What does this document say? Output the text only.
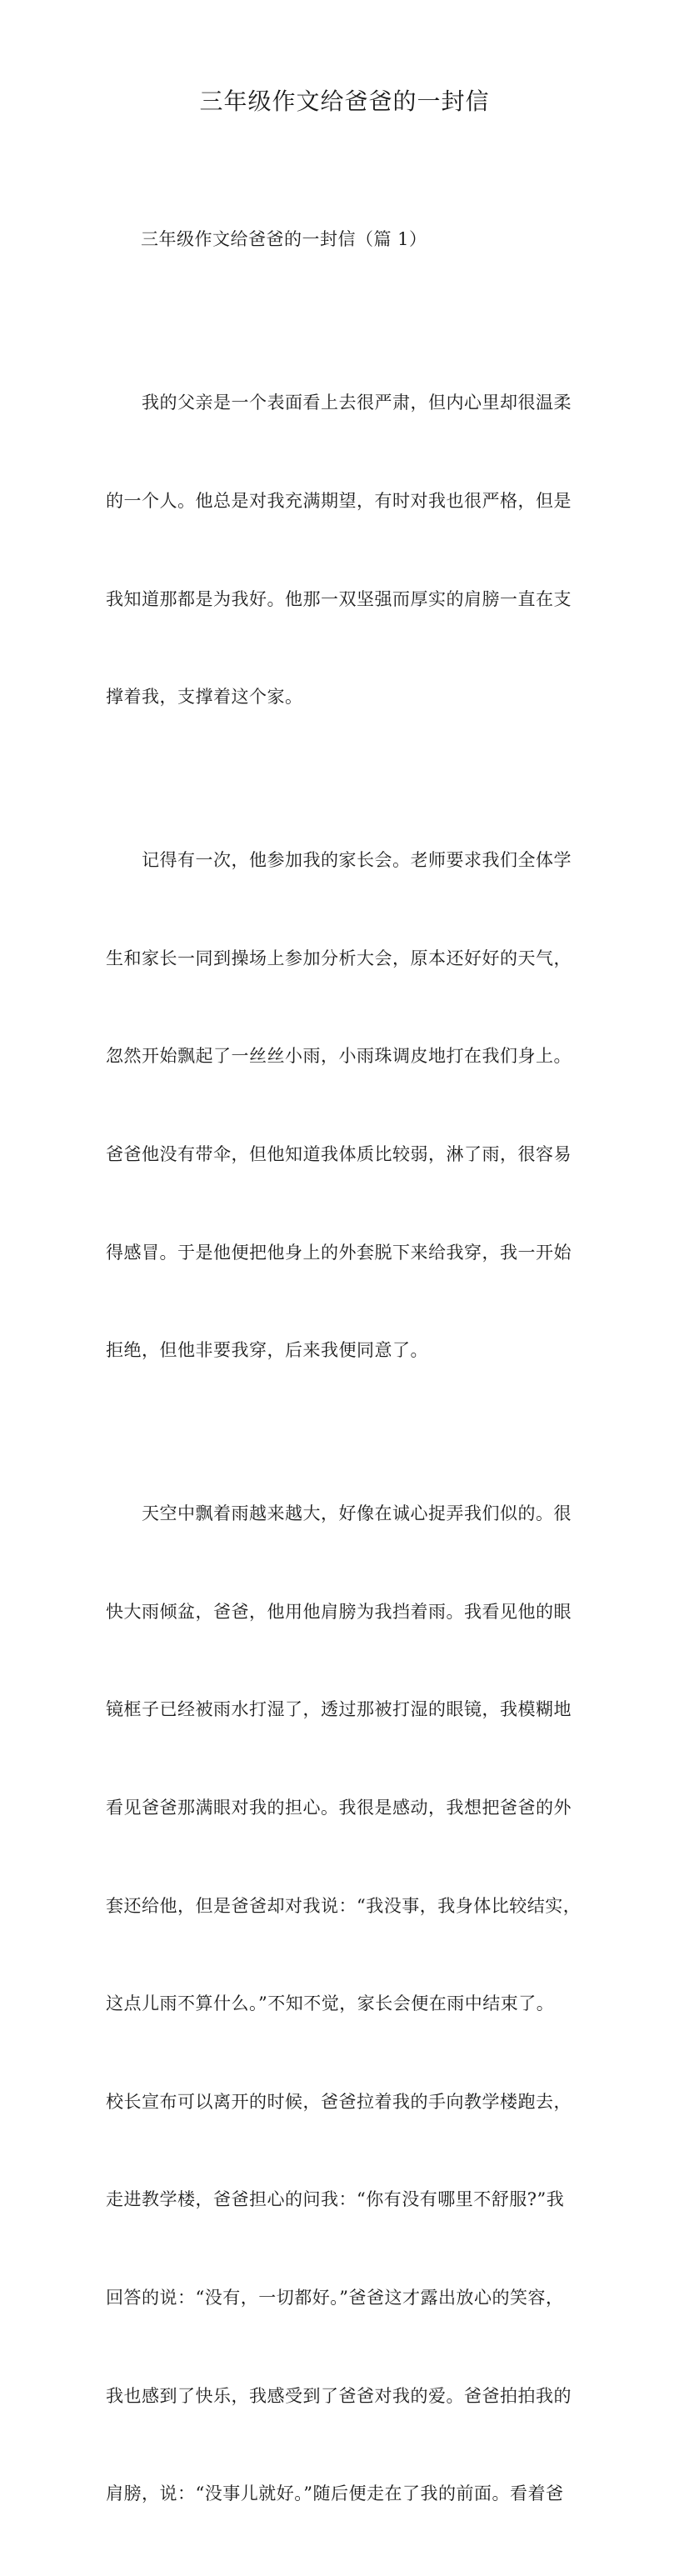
三年级作文给爸爸的一封信

三年级作文给爸爸的一封信（篇 1）

　　我的父亲是一个表面看上去很严肃，但内心里却很温柔

的一个人。他总是对我充满期望，有时对我也很严格，但是

我知道那都是为我好。他那一双坚强而厚实的肩膀一直在支

撑着我，支撑着这个家。

　　记得有一次，他参加我的家长会。老师要求我们全体学

生和家长一同到操场上参加分析大会，原本还好好的天气，

忽然开始飘起了一丝丝小雨，小雨珠调皮地打在我们身上。

爸爸他没有带伞，但他知道我体质比较弱，淋了雨，很容易

得感冒。于是他便把他身上的外套脱下来给我穿，我一开始

拒绝，但他非要我穿，后来我便同意了。

　　天空中飘着雨越来越大，好像在诚心捉弄我们似的。很

快大雨倾盆，爸爸，他用他肩膀为我挡着雨。我看见他的眼

镜框子已经被雨水打湿了，透过那被打湿的眼镜，我模糊地

看见爸爸那满眼对我的担心。我很是感动，我想把爸爸的外

套还给他，但是爸爸却对我说：“我没事，我身体比较结实，

这点儿雨不算什么。”不知不觉，家长会便在雨中结束了。

校长宣布可以离开的时候，爸爸拉着我的手向教学楼跑去，

走进教学楼，爸爸担心的问我：“你有没有哪里不舒服?”我

回答的说：“没有，一切都好。”爸爸这才露出放心的笑容，

我也感到了快乐，我感受到了爸爸对我的爱。爸爸拍拍我的

肩膀，说：“没事儿就好。”随后便走在了我的前面。看着爸
